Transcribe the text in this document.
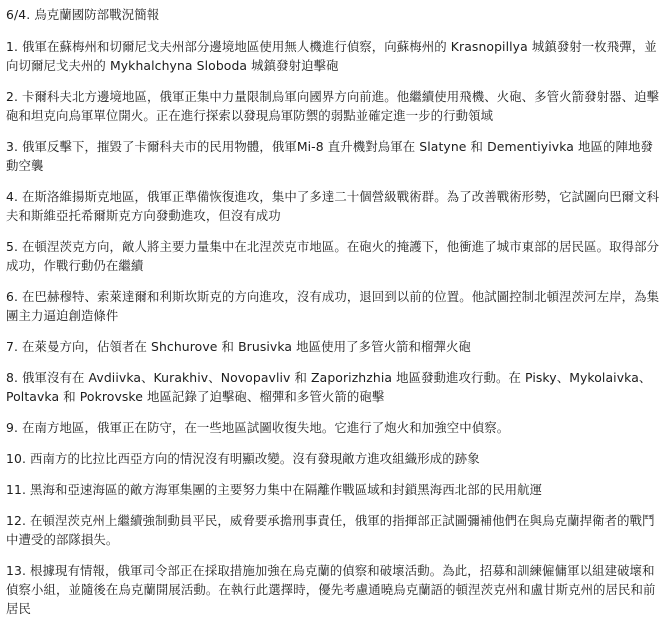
6/4. 烏克蘭國防部戰況簡報

1. 俄軍在蘇梅州和切爾尼戈夫州部分邊境地區使用無人機進行偵察，向蘇梅州的 Krasnopillya 城鎮發射一枚飛彈，並向切爾尼戈夫州的 Mykhalchyna Sloboda 城鎮發射迫擊砲

2. 卡爾科夫北方邊境地區，俄軍正集中力量限制烏軍向國界方向前進。他繼續使用飛機、火砲、多管火箭發射器、迫擊砲和坦克向烏軍單位開火。正在進行探索以發現烏軍防禦的弱點並確定進一步的行動領域

3. 俄軍反擊下，摧毀了卡爾科夫市的民用物體，俄軍Mi-8 直升機對烏軍在 Slatyne 和 Dementiyivka 地區的陣地發動空襲

4. 在斯洛維揚斯克地區，俄軍正準備恢復進攻，集中了多達二十個營級戰術群。為了改善戰術形勢，它試圖向巴爾文科夫和斯維亞托希爾斯克方向發動進攻，但沒有成功

5. 在頓涅茨克方向，敵人將主要力量集中在北涅茨克市地區。在砲火的掩護下，他衝進了城市東部的居民區。取得部分成功，作戰行動仍在繼續

6. 在巴赫穆特、索萊達爾和利斯坎斯克的方向進攻，沒有成功，退回到以前的位置。他試圖控制北頓涅茨河左岸，為集團主力逼迫創造條件

7. 在萊曼方向，佔領者在 Shchurove 和 Brusivka 地區使用了多管火箭和榴彈火砲

8. 俄軍沒有在 Avdiivka、Kurakhiv、Novopavliv 和 Zaporizhzhia 地區發動進攻行動。在 Pisky、Mykolaivka、Poltavka 和 Pokrovske 地區記錄了迫擊砲、榴彈和多管火箭的砲擊

9. 在南方地區，俄軍正在防守，在一些地區試圖收復失地。它進行了炮火和加強空中偵察。

10. 西南方的比拉比西亞方向的情況沒有明顯改變。沒有發現敵方進攻組織形成的跡象

11. 黑海和亞速海區的敵方海軍集團的主要努力集中在隔離作戰區域和封鎖黑海西北部的民用航運

12. 在頓涅茨克州上繼續強制動員平民，威脅要承擔刑事責任，俄軍的指揮部正試圖彌補他們在與烏克蘭捍衛者的戰鬥中遭受的部隊損失。

13. 根據現有情報，俄軍司令部正在採取措施加強在烏克蘭的偵察和破壞活動。為此，招募和訓練僱傭軍以組建破壞和偵察小組，並隨後在烏克蘭開展活動。在執行此選擇時，優先考慮通曉烏克蘭語的頓涅茨克州和盧甘斯克州的居民和前居民
